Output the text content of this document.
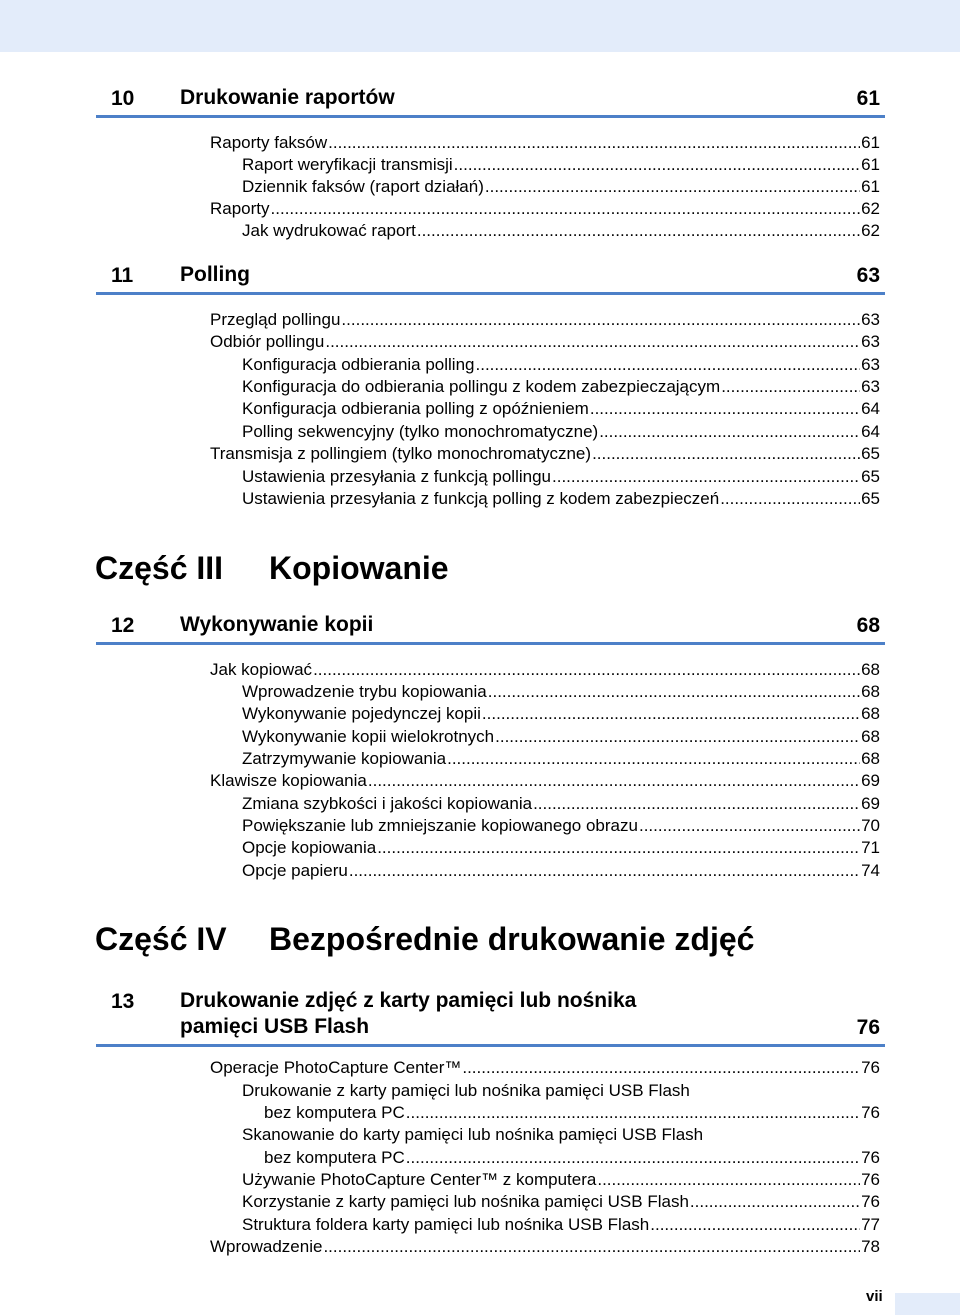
10 Drukowanie raportów	61
Raporty faksów .....	61
Raport weryfikacji transmisji .....	61
Dziennik faksów (raport działań) .....	61
Raporty .....	62
Jak wydrukować raport .....	62
11 Polling	63
Przegląd pollingu .....	63
Odbiór pollingu .....	63
Konfiguracja odbierania polling .....	63
Konfiguracja do odbierania pollingu z kodem zabezpieczającym .....	63
Konfiguracja odbierania polling z opóźnieniem .....	64
Polling sekwencyjny (tylko monochromatyczne) .....	64
Transmisja z pollingiem (tylko monochromatyczne) .....	65
Ustawienia przesyłania z funkcją pollingu .....	65
Ustawienia przesyłania z funkcją polling z kodem zabezpieczeń .....	65
Część III Kopiowanie
12 Wykonywanie kopii	68
Jak kopiować .....	68
Wprowadzenie trybu kopiowania .....	68
Wykonywanie pojedynczej kopii .....	68
Wykonywanie kopii wielokrotnych .....	68
Zatrzymywanie kopiowania .....	68
Klawisze kopiowania .....	69
Zmiana szybkości i jakości kopiowania .....	69
Powiększanie lub zmniejszanie kopiowanego obrazu .....	70
Opcje kopiowania .....	71
Opcje papieru .....	74
Część IV Bezpośrednie drukowanie zdjęć
13 Drukowanie zdjęć z karty pamięci lub nośnika
pamięci USB Flash	76
Operacje PhotoCapture Center™ .....	76
Drukowanie z karty pamięci lub nośnika pamięci USB Flash
bez komputera PC .....	76
Skanowanie do karty pamięci lub nośnika pamięci USB Flash
bez komputera PC .....	76
Używanie PhotoCapture Center™ z komputera .....	76
Korzystanie z karty pamięci lub nośnika pamięci USB Flash .....	76
Struktura foldera karty pamięci lub nośnika USB Flash .....	77
Wprowadzenie .....	78
vii
